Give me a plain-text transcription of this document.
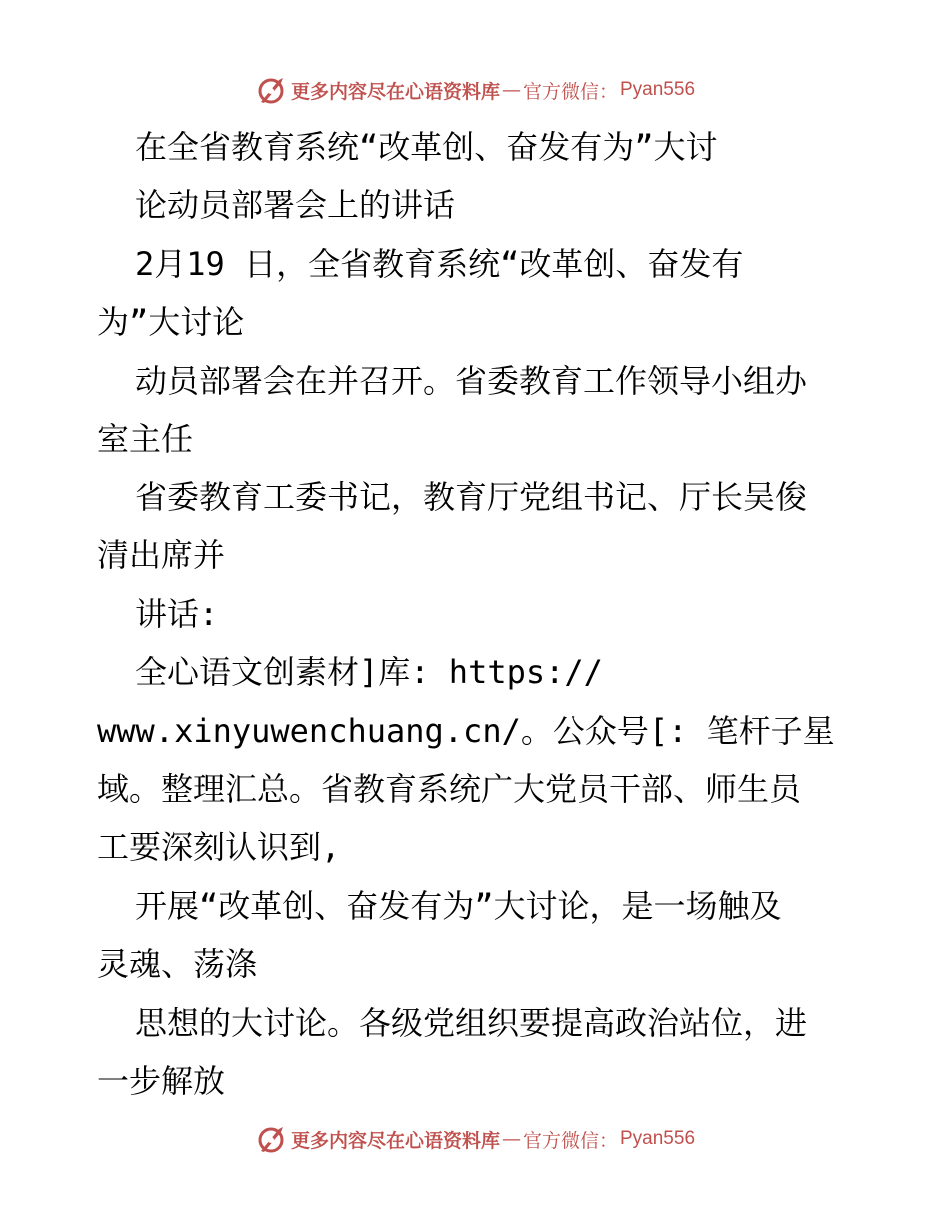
更多内容尽在心语资料库 — 官方微信： Pyan556
在全省教育系统“改革创、奋发有为”大讨
论动员部署会上的讲话
2月19 日，全省教育系统“改革创、奋发有
为”大讨论
动员部署会在并召开。省委教育工作领导小组办
室主任
省委教育工委书记，教育厅党组书记、厅长吴俊
清出席并
讲话:
全心语文创素材]库: https://
www.xinyuwenchuang.cn/。公众号[: 笔杆子星
域。整理汇总。省教育系统广大党员干部、师生员
工要深刻认识到,
开展“改革创、奋发有为”大讨论，是一场触及
灵魂、荡涤
思想的大讨论。各级党组织要提高政治站位，进
一步解放
更多内容尽在心语资料库 — 官方微信： Pyan556
